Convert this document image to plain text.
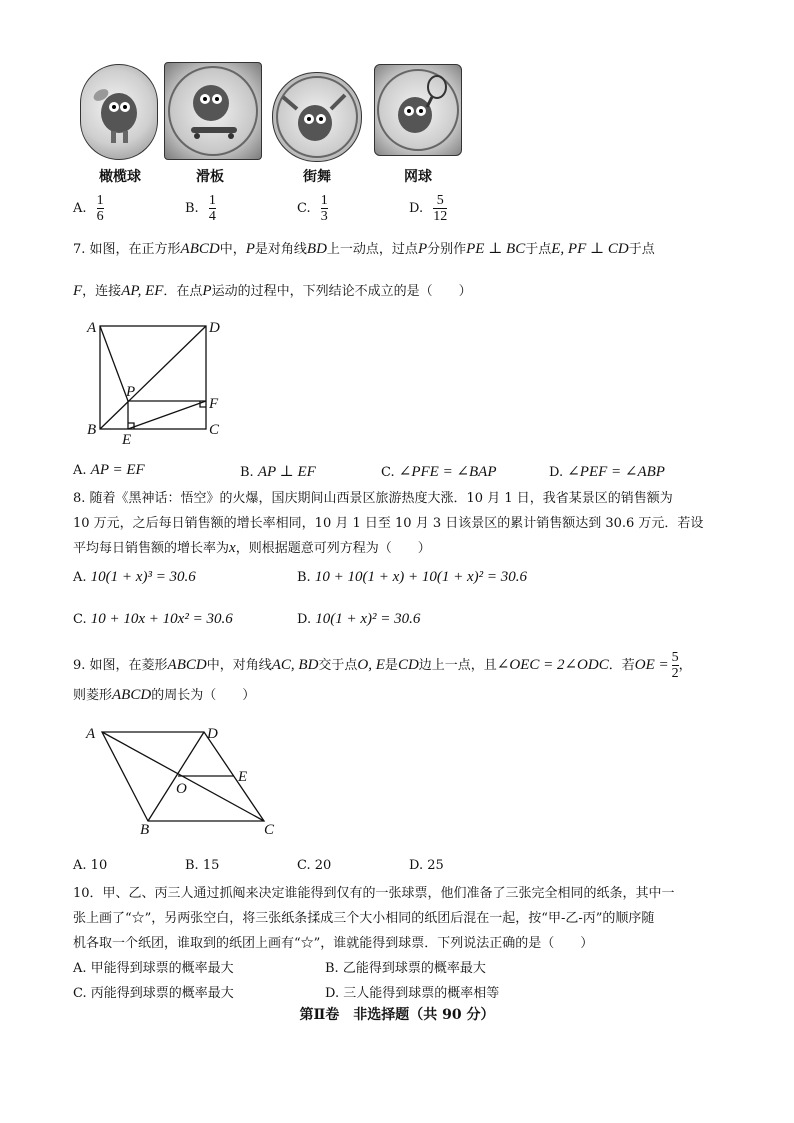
橄榄球	滑板	街舞	网球
A. $\frac{1}{6}$	B. $\frac{1}{4}$	C. $\frac{1}{3}$	D. $\frac{5}{12}$
7. 如图，在正方形ABCD中，P是对角线BD上一动点，过点P分别作PE ⊥ BC于点E, PF ⊥ CD于点
F，连接AP, EF．在点P运动的过程中，下列结论不成立的是（　　）
A	D
B	C
P
E
F
A. AP = EF	B. AP ⊥ EF	C. ∠PFE = ∠BAP	D. ∠PEF = ∠ABP
8. 随着《黑神话：悟空》的火爆，国庆期间山西景区旅游热度大涨．10 月 1 日，我省某景区的销售额为
10 万元，之后每日销售额的增长率相同，10 月 1 日至 10 月 3 日该景区的累计销售额达到 30.6 万元．若设
平均每日销售额的增长率为x，则根据题意可列方程为（　　）
A. 10(1 + x)³ = 30.6	B. 10 + 10(1 + x) + 10(1 + x)² = 30.6
C. 10 + 10x + 10x² = 30.6	D. 10(1 + x)² = 30.6
9. 如图，在菱形ABCD中，对角线AC, BD交于点O, E是CD边上一点，且∠OEC = 2∠ODC．若OE = $\frac{5}{2}$ ，
则菱形ABCD的周长为（　　）
A	D
B	C
O
E
A. 10	B. 15	C. 20	D. 25
10．甲、乙、丙三人通过抓阄来决定谁能得到仅有的一张球票，他们准备了三张完全相同的纸条，其中一
张上画了“☆”，另两张空白，将三张纸条揉成三个大小相同的纸团后混在一起，按“甲-乙-丙”的顺序随
机各取一个纸团，谁取到的纸团上画有“☆”，谁就能得到球票．下列说法正确的是（　　）
A. 甲能得到球票的概率最大	B. 乙能得到球票的概率最大
C. 丙能得到球票的概率最大	D. 三人能得到球票的概率相等
第Ⅱ卷　非选择题（共 90 分）
